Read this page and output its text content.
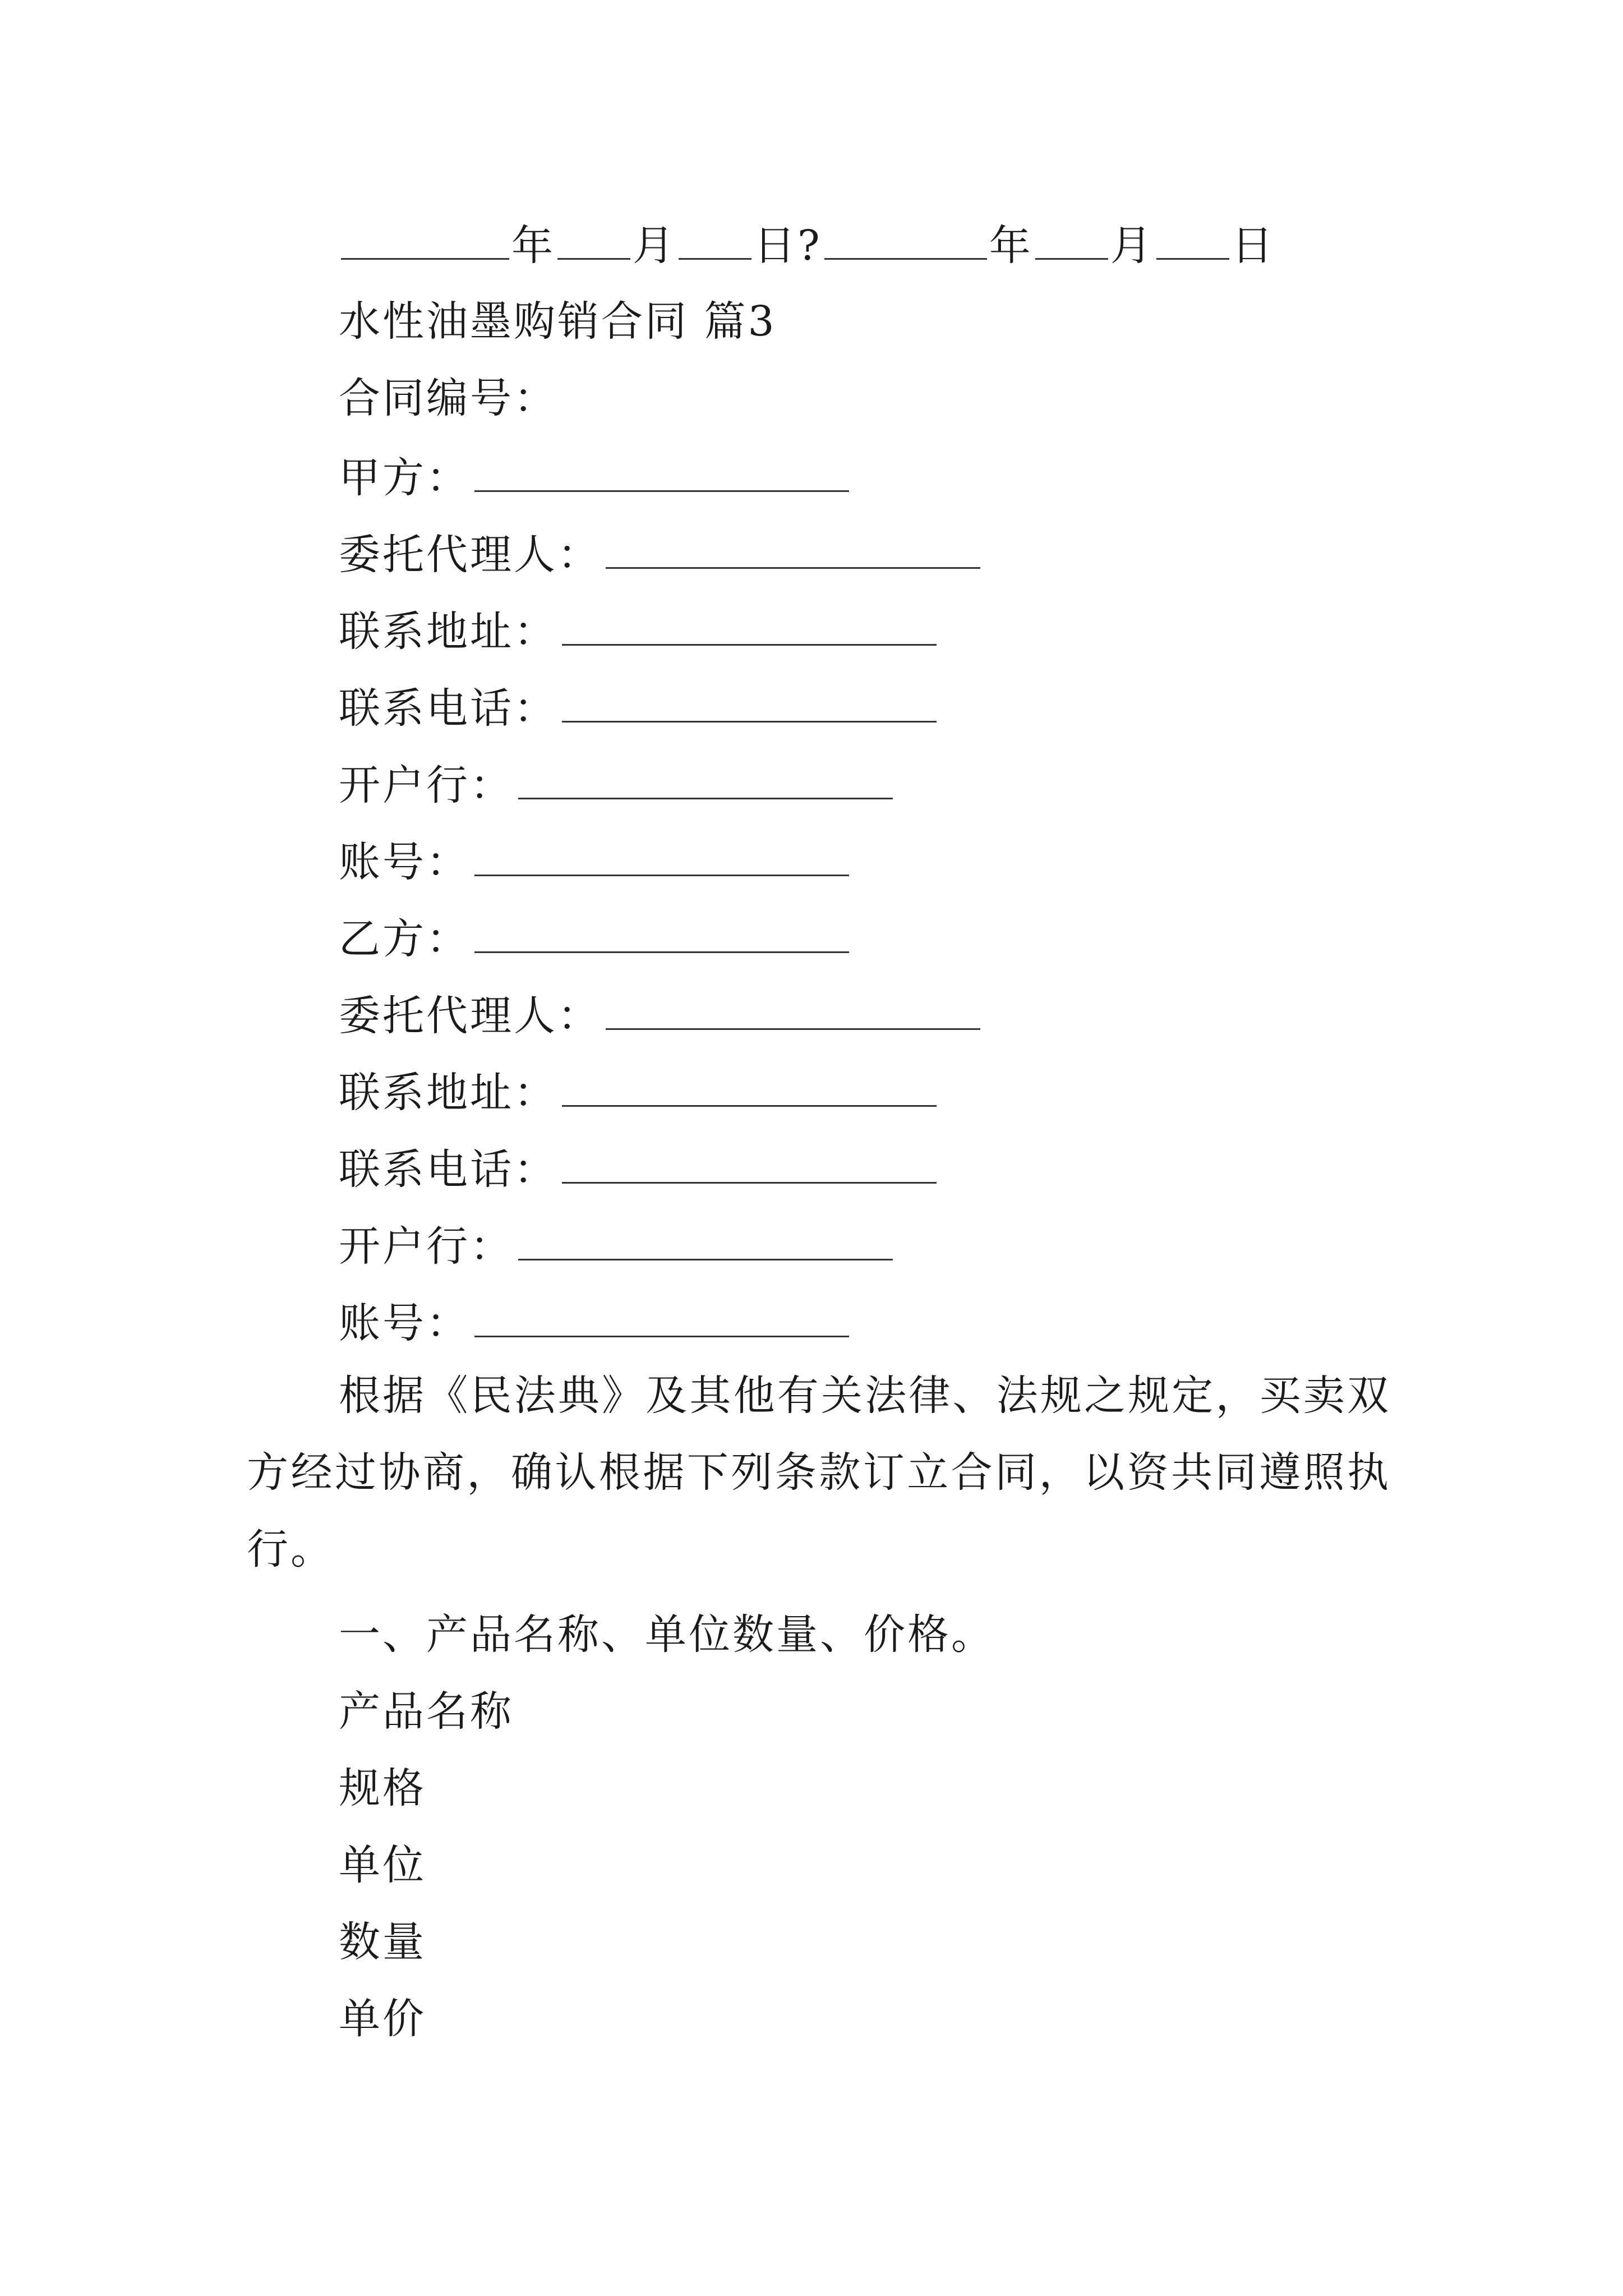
年 月 日?	年 月 日
水性油墨购销合同 篇3
合同编号：
甲方：
委托代理人：
联系地址：
联系电话：
开户行：
账号：
乙方：
委托代理人：
联系地址：
联系电话：
开户行：
账号：
根据《民法典》及其他有关法律、法规之规定，买卖双方经过协商，确认根据下列条款订立合同，以资共同遵照执行。
一、产品名称、单位数量、价格。
产品名称
规格
单位
数量
单价
